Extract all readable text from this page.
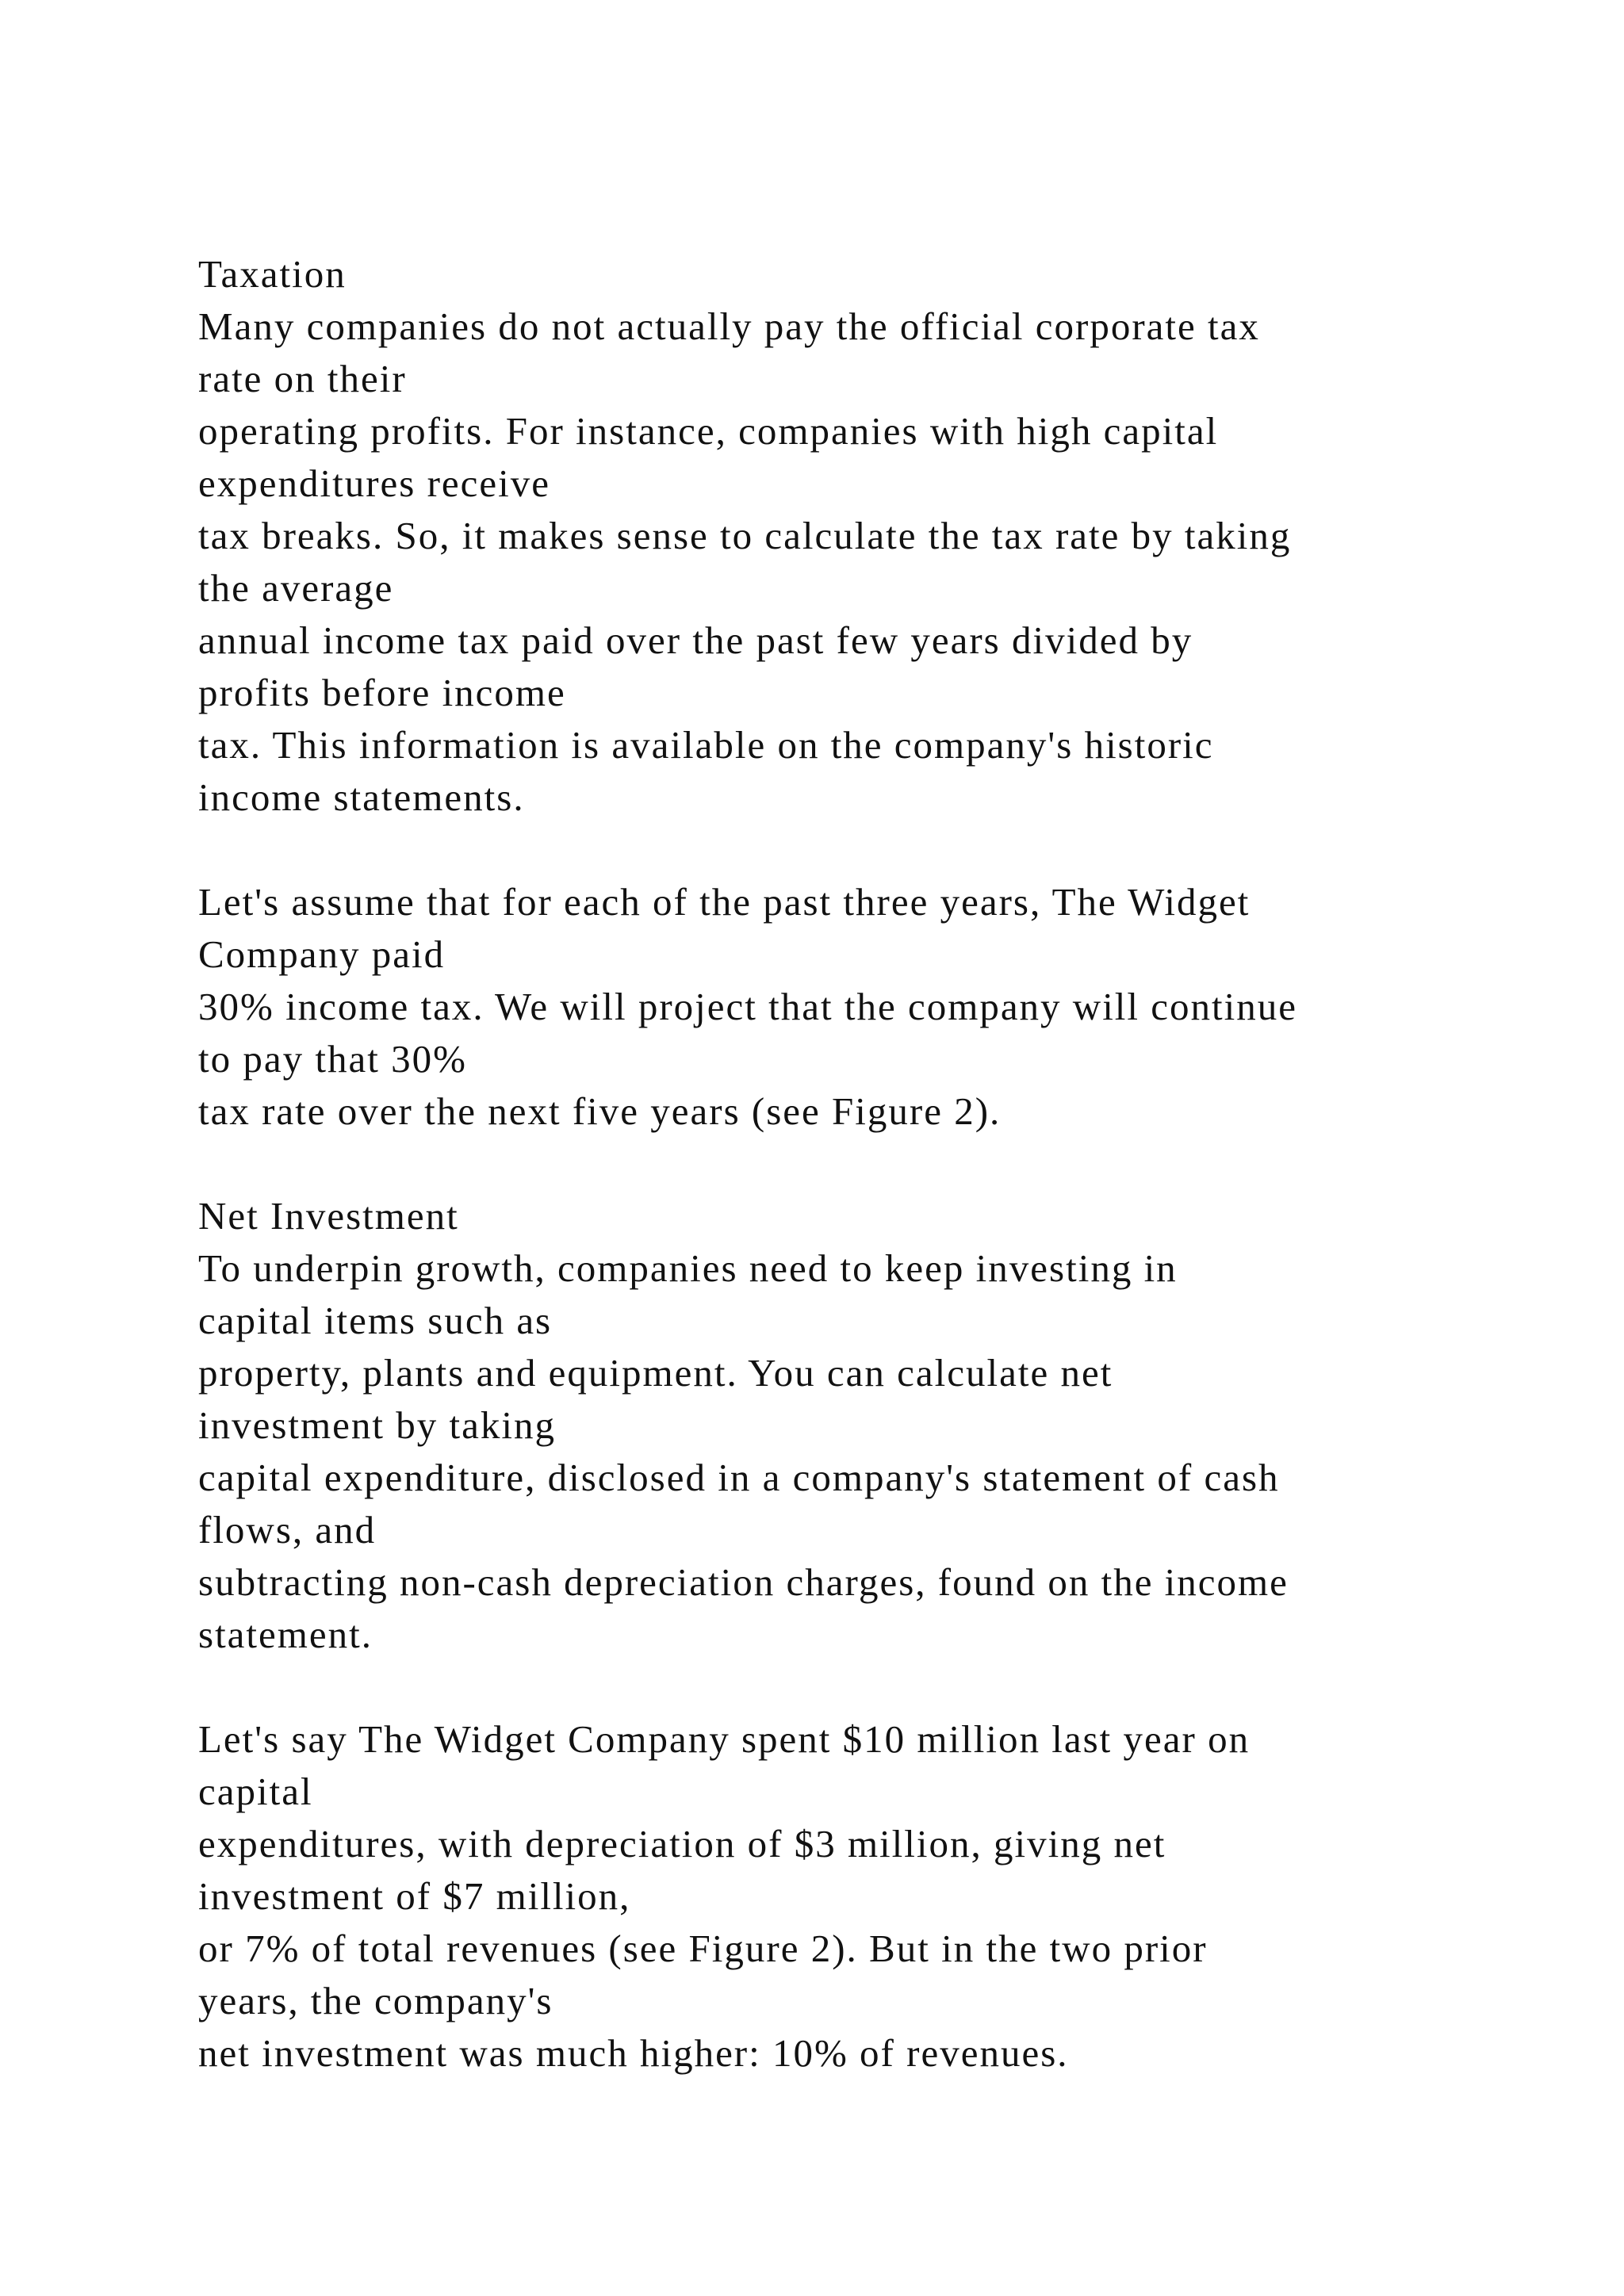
Taxation
Many companies do not actually pay the official corporate tax
rate on their
operating profits. For instance, companies with high capital
expenditures receive
tax breaks. So, it makes sense to calculate the tax rate by taking
the average
annual income tax paid over the past few years divided by
profits before income
tax. This information is available on the company's historic
income statements.
Let's assume that for each of the past three years, The Widget
Company paid
30% income tax. We will project that the company will continue
to pay that 30%
tax rate over the next five years (see Figure 2).
Net Investment
To underpin growth, companies need to keep investing in
capital items such as
property, plants and equipment. You can calculate net
investment by taking
capital expenditure, disclosed in a company's statement of cash
flows, and
subtracting non-cash depreciation charges, found on the income
statement.
Let's say The Widget Company spent $10 million last year on
capital
expenditures, with depreciation of $3 million, giving net
investment of $7 million,
or 7% of total revenues (see Figure 2). But in the two prior
years, the company's
net investment was much higher: 10% of revenues.
